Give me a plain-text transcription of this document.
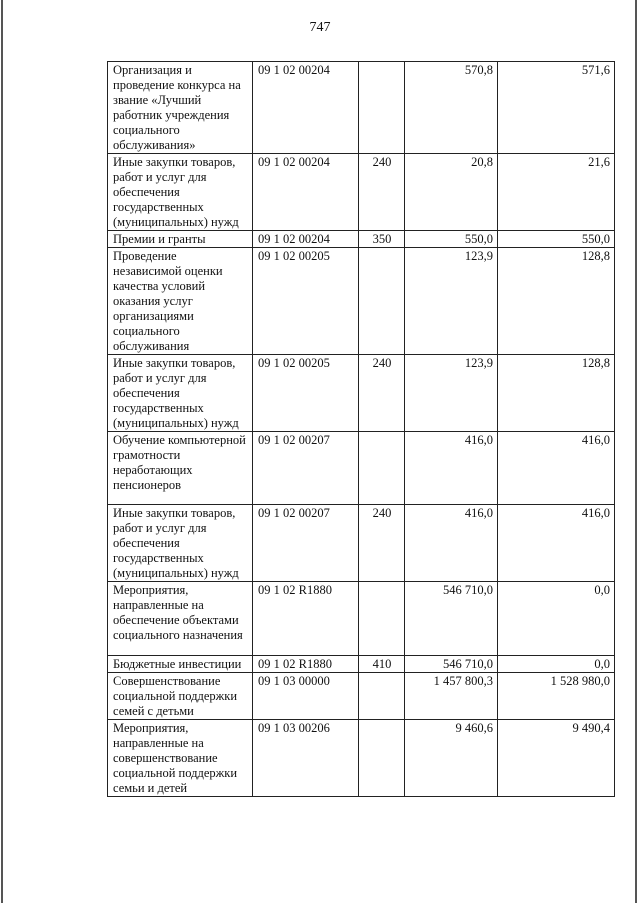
747
Организация и проведение конкурса на звание «Лучший работник учреждения социального обслуживания»	09 1 02 00204		570,8	571,6
Иные закупки товаров, работ и услуг для обеспечения государственных (муниципальных) нужд	09 1 02 00204	240	20,8	21,6
Премии и гранты	09 1 02 00204	350	550,0	550,0
Проведение независимой оценки качества условий оказания услуг организациями социального обслуживания	09 1 02 00205		123,9	128,8
Иные закупки товаров, работ и услуг для обеспечения государственных (муниципальных) нужд	09 1 02 00205	240	123,9	128,8
Обучение компьютерной грамотности неработающих пенсионеров	09 1 02 00207		416,0	416,0
Иные закупки товаров, работ и услуг для обеспечения государственных (муниципальных) нужд	09 1 02 00207	240	416,0	416,0
Мероприятия, направленные на обеспечение объектами социального назначения	09 1 02 R1880		546 710,0	0,0
Бюджетные инвестиции	09 1 02 R1880	410	546 710,0	0,0
Совершенствование социальной поддержки семей с детьми	09 1 03 00000		1 457 800,3	1 528 980,0
Мероприятия, направленные на совершенствование социальной поддержки семьи и детей	09 1 03 00206		9 460,6	9 490,4
